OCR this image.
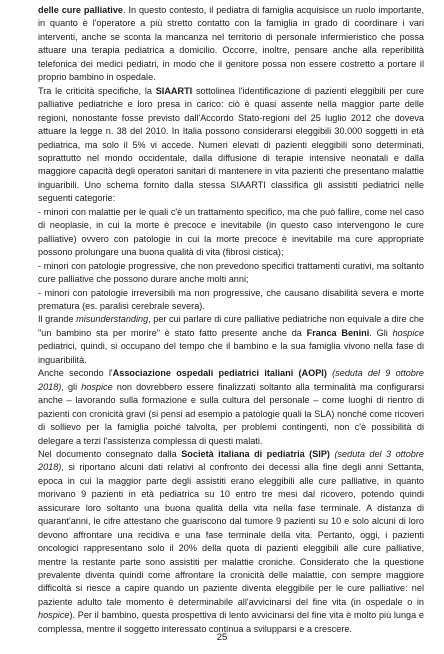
delle cure palliative. In questo contesto, il pediatra di famiglia acquisisce un ruolo importante, in quanto è l'operatore a più stretto contatto con la famiglia in grado di coordinare i vari interventi, anche se sconta la mancanza nel territorio di personale infermieristico che possa attuare una terapia pediatrica a domicilio. Occorre, inoltre, pensare anche alla reperibilità telefonica dei medici pediatri, in modo che il genitore possa non essere costretto a portare il proprio bambino in ospedale.

Tra le criticità specifiche, la SIAARTI sottolinea l'identificazione di pazienti eleggibili per cure palliative pediatriche e loro presa in carico: ciò è quasi assente nella maggior parte delle regioni, nonostante fosse previsto dall'Accordo Stato-regioni del 25 luglio 2012 che doveva attuare la legge n. 38 del 2010. In Italia possono considerarsi eleggibili 30.000 soggetti in età pediatrica, ma solo il 5% vi accede. Numeri elevati di pazienti eleggibili sono determinati, soprattutto nel mondo occidentale, dalla diffusione di terapie intensive neonatali e dalla maggiore capacità degli operatori sanitari di mantenere in vita pazienti che presentano malattie inguaribili. Uno schema fornito dalla stessa SIAARTI classifica gli assistiti pediatrici nelle seguenti categorie:

- minori con malattie per le quali c'è un trattamento specifico, ma che può fallire, come nel caso di neoplasie, in cui la morte è precoce e inevitabile (in questo caso intervengono le cure palliative) ovvero con patologie in cui la morte precoce è inevitabile ma cure appropriate possono prolungare una buona qualità di vita (fibrosi cistica);

- minori con patologie progressive, che non prevedono specifici trattamenti curativi, ma soltanto cure palliative che possono durare anche molti anni;

- minori con patologie irreversibili ma non progressive, che causano disabilità severa e morte prematura (es. paralisi cerebrale severa).

Il grande misunderstanding, per cui parlare di cure palliative pediatriche non equivale a dire che "un bambino sta per morire" è stato fatto presente anche da Franca Benini. Gli hospice pediatrici, quindi, si occupano del tempo che il bambino e la sua famiglia vivono nella fase di inguaribilità.

Anche secondo l'Associazione ospedali pediatrici italiani (AOPI) (seduta del 9 ottobre 2018), gli hospice non dovrebbero essere finalizzati soltanto alla terminalità ma configurarsi anche – lavorando sulla formazione e sulla cultura del personale – come luoghi di rientro di pazienti con cronicità gravi (si pensi ad esempio a patologie quali la SLA) nonché come ricoveri di sollievo per la famiglia poiché talvolta, per problemi contingenti, non c'è possibilità di delegare a terzi l'assistenza complessa di questi malati.

Nel documento consegnato dalla Società italiana di pediatria (SIP) (seduta del 3 ottobre 2018), si riportano alcuni dati relativi al confronto dei decessi alla fine degli anni Settanta, epoca in cui la maggior parte degli assistiti erano eleggibili alle cure palliative, in quanto morivano 9 pazienti in età pediatrica su 10 entro tre mesi dal ricovero, potendo quindi assicurare loro soltanto una buona qualità della vita nella fase terminale. A distanza di quarant'anni, le cifre attestano che guariscono dal tumore 9 pazienti su 10 e solo alcuni di loro devono affrontare una recidiva e una fase terminale della vita. Pertanto, oggi, i pazienti oncologici rappresentano solo il 20% della quota di pazienti eleggibili alle cure palliative, mentre la restante parte sono assistiti per malattie croniche. Considerato che la questione prevalente diventa quindi come affrontare la cronicità delle malattie, con sempre maggiore difficoltà si riesce a capire quando un paziente diventa eleggibile per le cure palliative: nel paziente adulto tale momento è determinabile all'avvicinarsi del fine vita (in ospedale o in hospice). Per il bambino, questa prospettiva di lento avvicinarsi del fine vita è molto più lunga e complessa, mentre il soggetto interessato continua a svilupparsi e a crescere.

25
